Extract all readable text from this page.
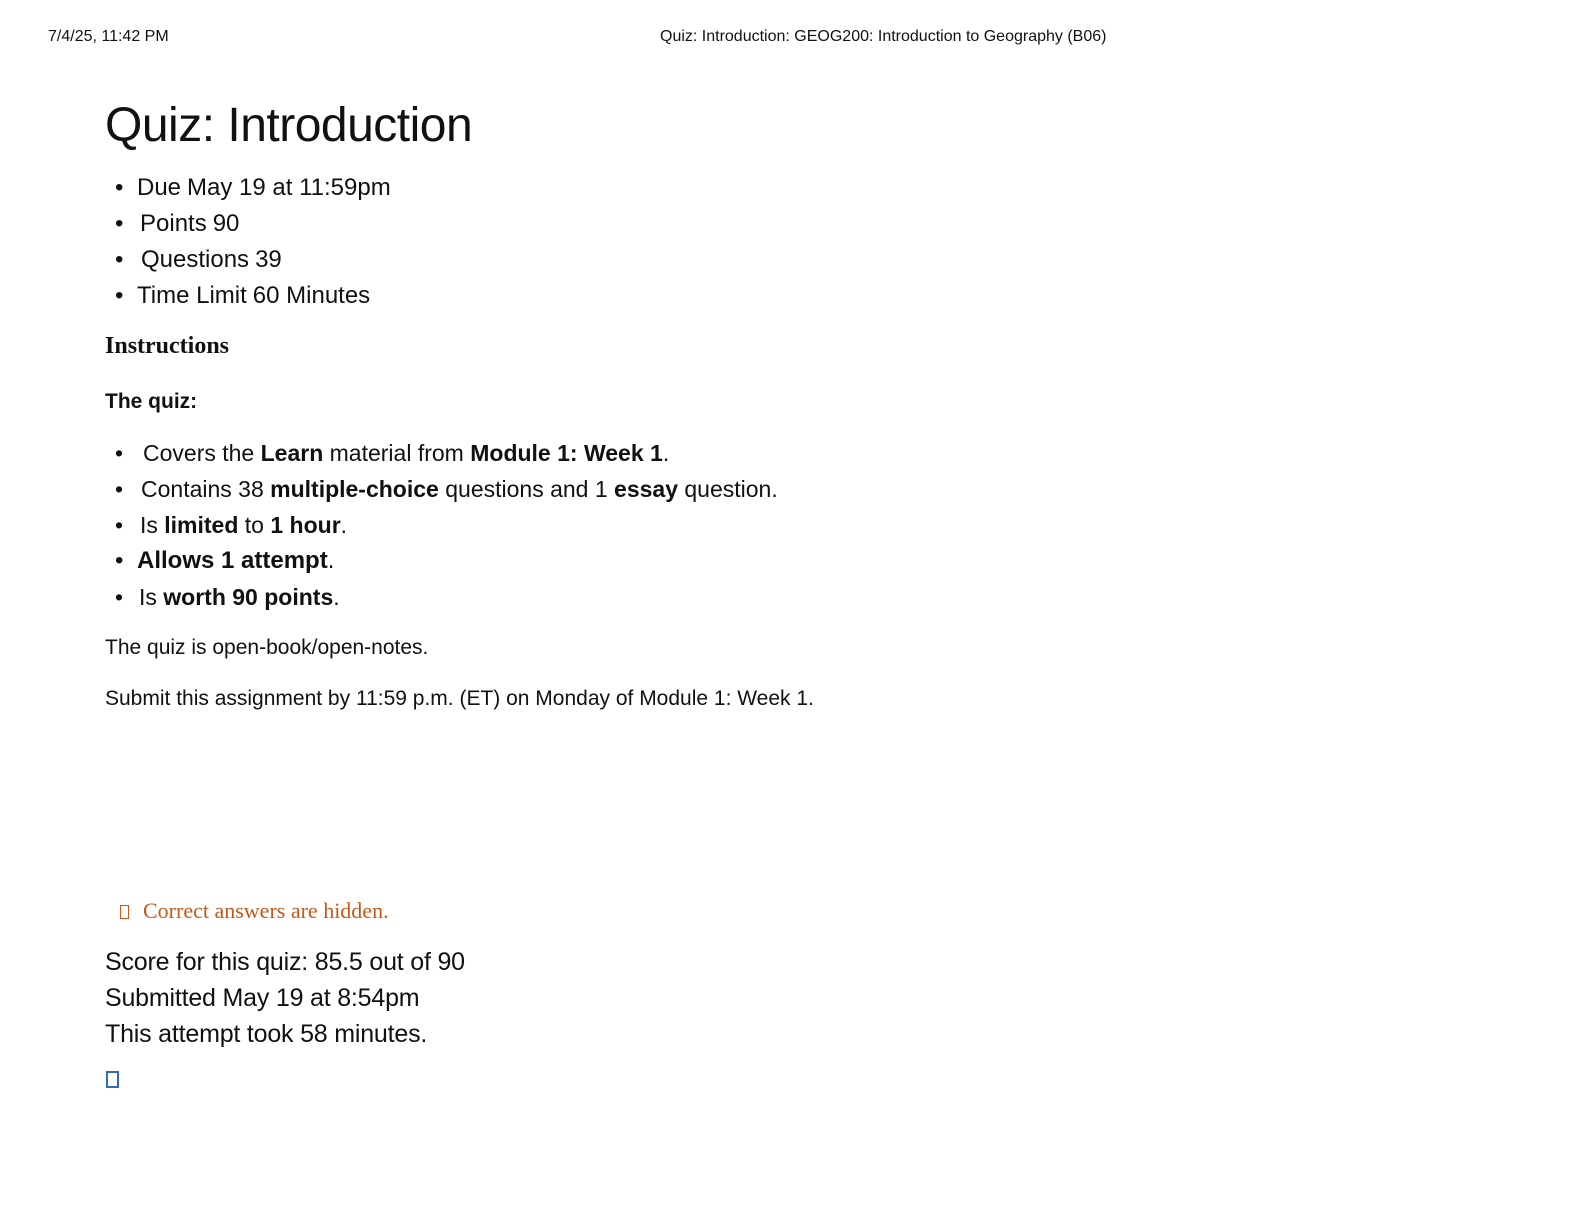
7/4/25, 11:42 PM	Quiz: Introduction: GEOG200: Introduction to Geography (B06)
Quiz: Introduction
• Due May 19 at 11:59pm
• Points 90
• Questions 39
• Time Limit 60 Minutes
Instructions
The quiz:
• Covers the Learn material from Module 1: Week 1.
• Contains 38 multiple-choice questions and 1 essay question.
• Is limited to 1 hour.
• Allows 1 attempt.
• Is worth 90 points.

The quiz is open-book/open-notes.

Submit this assignment by 11:59 p.m. (ET) on Monday of Module 1: Week 1.

Correct answers are hidden.
Score for this quiz: 85.5 out of 90
Submitted May 19 at 8:54pm
This attempt took 58 minutes.
